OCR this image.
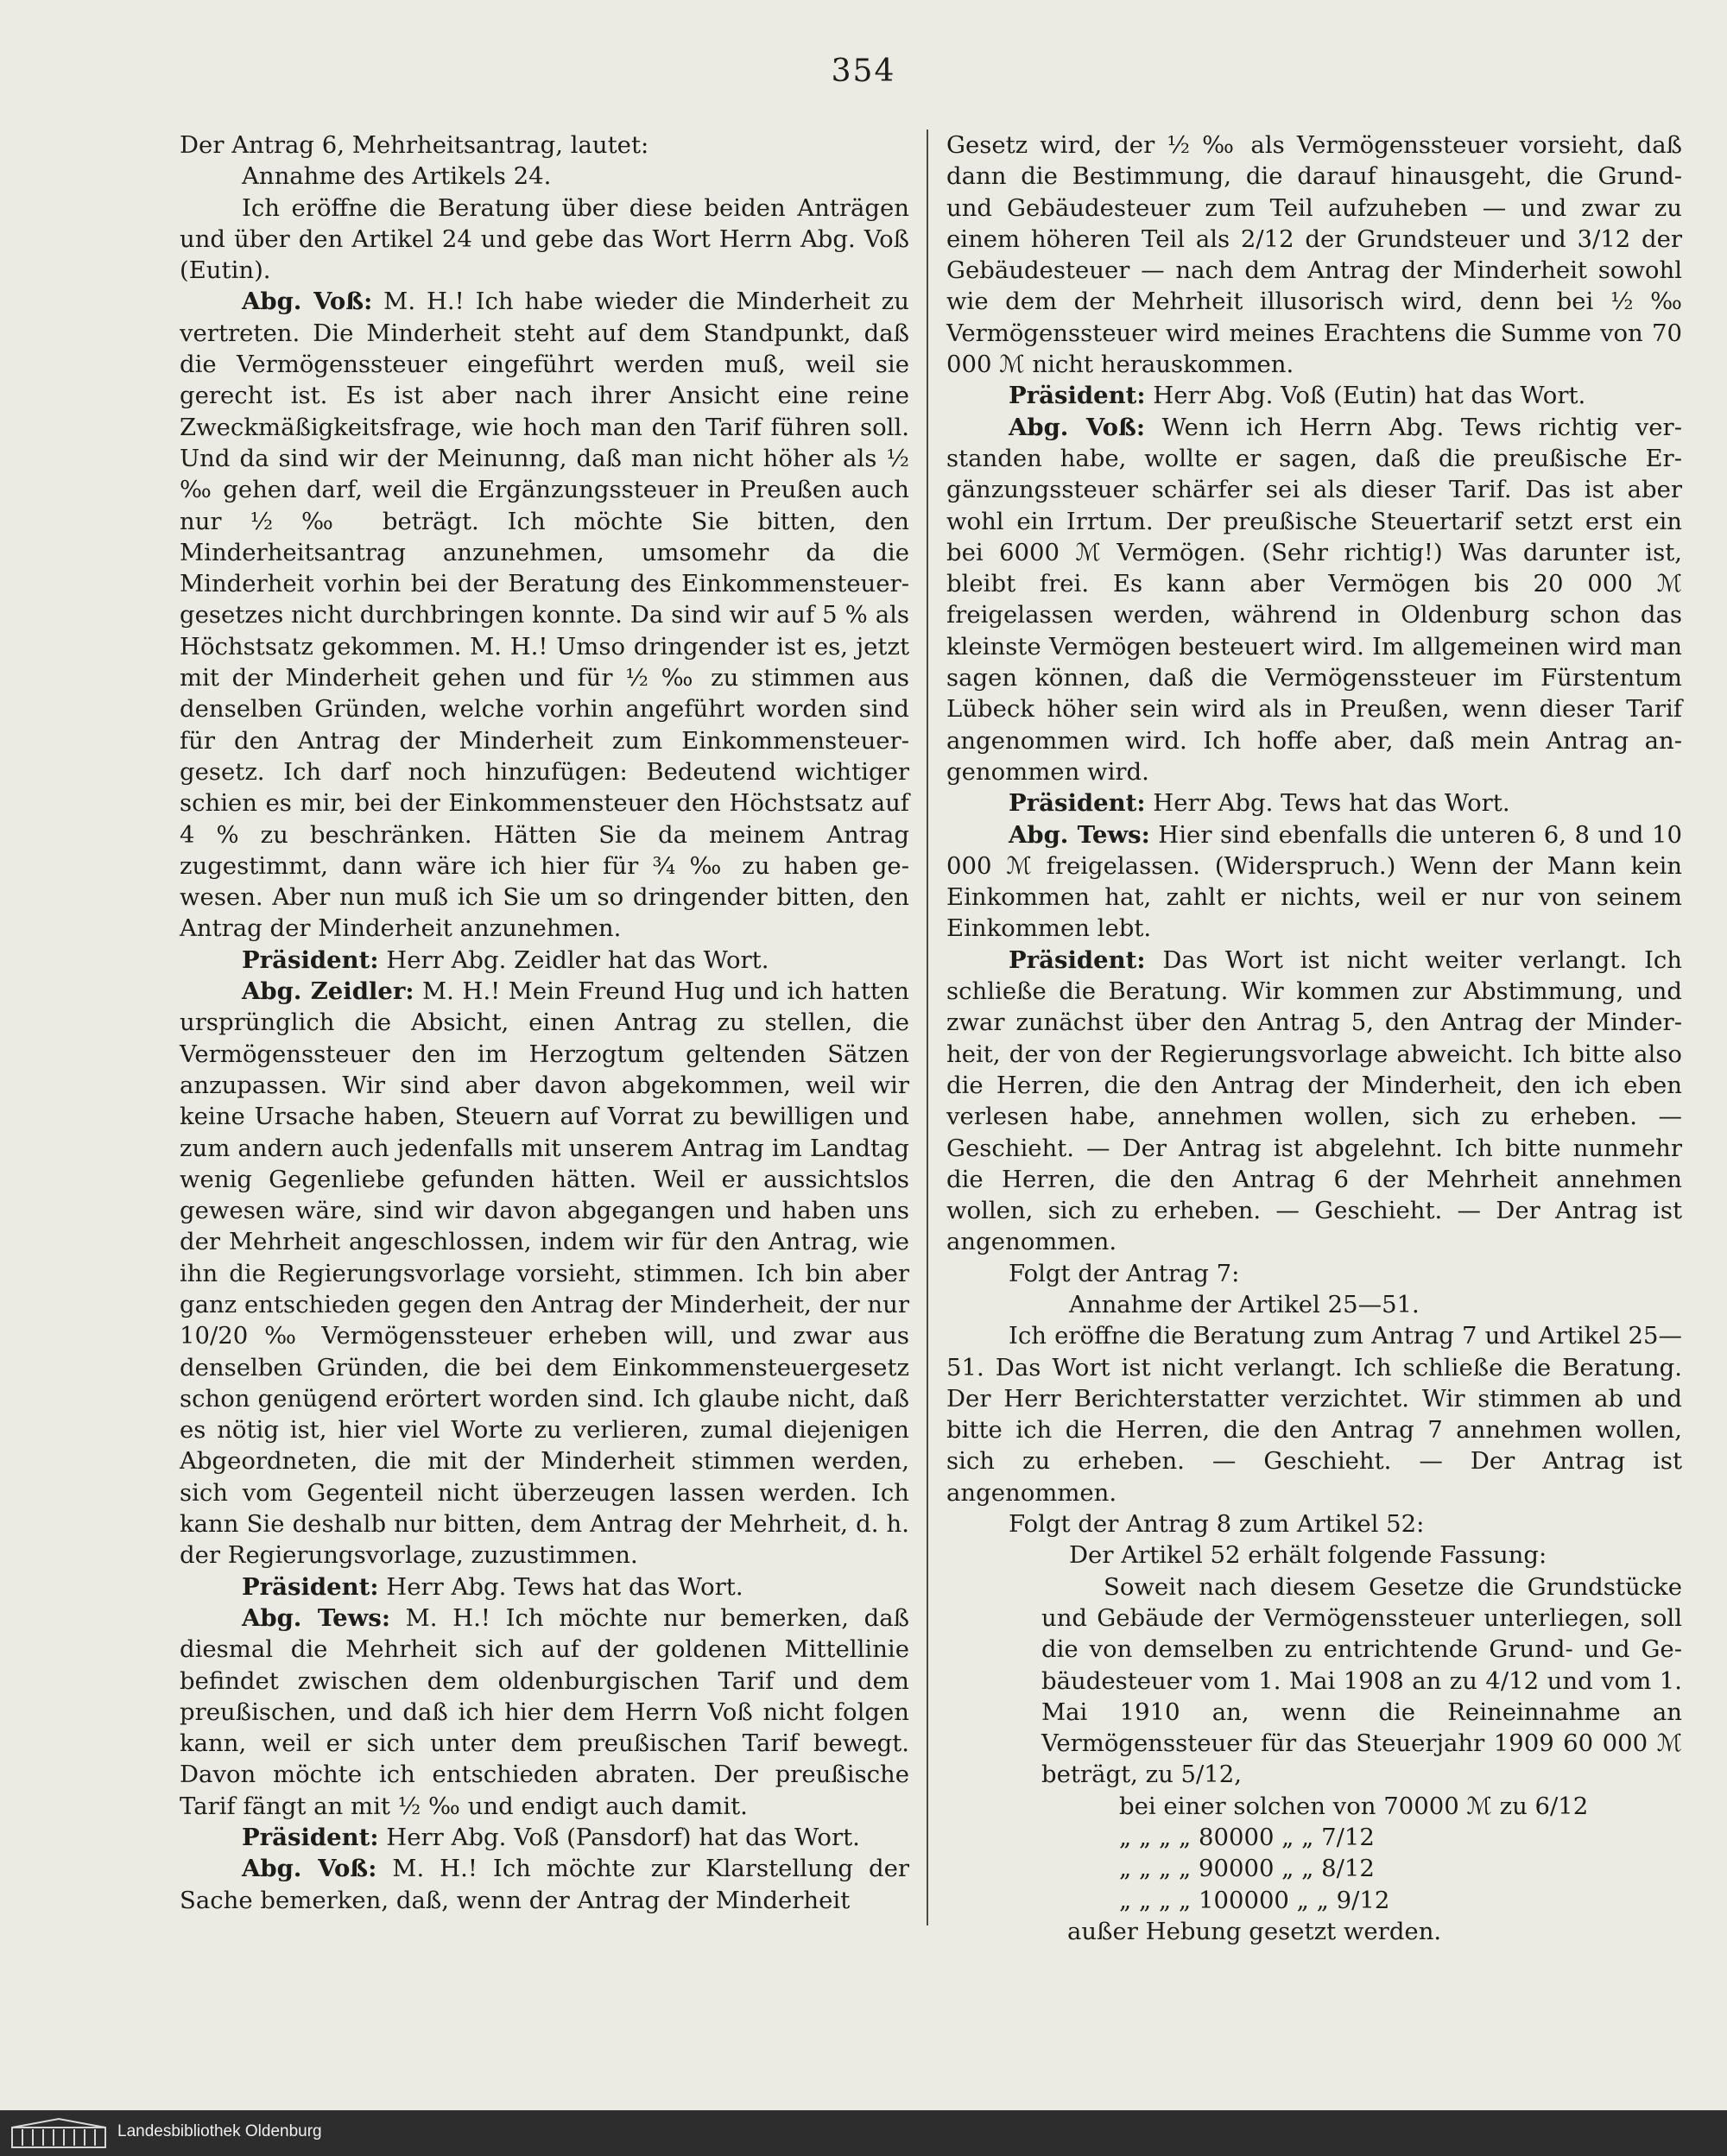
354

Der Antrag 6, Mehrheitsantrag, lautet:

Annahme des Artikels 24.

Ich eröffne die Beratung über diese beiden Anträgen und über den Artikel 24 und gebe das Wort Herrn Abg. Voß (Eutin).

Abg. Voß: M. H.! Ich habe wieder die Minderheit zu vertreten. Die Minderheit steht auf dem Standpunkt, daß die Vermögenssteuer eingeführt werden muß, weil sie gerecht ist. Es ist aber nach ihrer Ansicht eine reine Zweckmäßigkeitsfrage, wie hoch man den Tarif führen soll. Und da sind wir der Meinunng, daß man nicht höher als ½ ‰ gehen darf, weil die Ergänzungssteuer in Preußen auch nur ½ ‰ beträgt. Ich möchte Sie bitten, den Minderheitsantrag anzunehmen, umsomehr da die Minderheit vorhin bei der Beratung des Einkommensteuergesetzes nicht durchbringen konnte. Da sind wir auf 5 % als Höchstsatz gekommen. M. H.! Umso dringender ist es, jetzt mit der Minderheit gehen und für ½ ‰ zu stimmen aus denselben Gründen, welche vorhin angeführt worden sind für den Antrag der Minderheit zum Einkommensteuergesetz. Ich darf noch hinzufügen: Bedeutend wichtiger schien es mir, bei der Einkommensteuer den Höchstsatz auf 4 % zu beschränken. Hätten Sie da meinem Antrag zugestimmt, dann wäre ich hier für ¾ ‰ zu haben gewesen. Aber nun muß ich Sie um so dringender bitten, den Antrag der Minderheit anzunehmen.

Präsident: Herr Abg. Zeidler hat das Wort.

Abg. Zeidler: M. H.! Mein Freund Hug und ich hatten ursprünglich die Absicht, einen Antrag zu stellen, die Vermögenssteuer den im Herzogtum geltenden Sätzen anzupassen. Wir sind aber davon abgekommen, weil wir keine Ursache haben, Steuern auf Vorrat zu bewilligen und zum andern auch jedenfalls mit unserem Antrag im Landtag wenig Gegenliebe gefunden hätten. Weil er aussichtslos gewesen wäre, sind wir davon abgegangen und haben uns der Mehrheit angeschlossen, indem wir für den Antrag, wie ihn die Regierungsvorlage vorsieht, stimmen. Ich bin aber ganz entschieden gegen den Antrag der Minderheit, der nur 10/20 ‰ Vermögenssteuer erheben will, und zwar aus denselben Gründen, die bei dem Einkommensteuergesetz schon genügend erörtert worden sind. Ich glaube nicht, daß es nötig ist, hier viel Worte zu verlieren, zumal diejenigen Abgeordneten, die mit der Minderheit stimmen werden, sich vom Gegenteil nicht überzeugen lassen werden. Ich kann Sie deshalb nur bitten, dem Antrag der Mehrheit, d. h. der Regierungsvorlage, zuzustimmen.

Präsident: Herr Abg. Tews hat das Wort.

Abg. Tews: M. H.! Ich möchte nur bemerken, daß diesmal die Mehrheit sich auf der goldenen Mittellinie befindet zwischen dem oldenburgischen Tarif und dem preußischen, und daß ich hier dem Herrn Voß nicht folgen kann, weil er sich unter dem preußischen Tarif bewegt. Davon möchte ich entschieden abraten. Der preußische Tarif fängt an mit ½ ‰ und endigt auch damit.

Präsident: Herr Abg. Voß (Pansdorf) hat das Wort.

Abg. Voß: M. H.! Ich möchte zur Klarstellung der Sache bemerken, daß, wenn der Antrag der Minderheit

Gesetz wird, der ½ ‰ als Vermögenssteuer vorsieht, daß dann die Bestimmung, die darauf hinausgeht, die Grund- und Gebäudesteuer zum Teil aufzuheben — und zwar zu einem höheren Teil als 2/12 der Grundsteuer und 3/12 der Gebäudesteuer — nach dem Antrag der Minderheit sowohl wie dem der Mehrheit illusorisch wird, denn bei ½ ‰ Vermögenssteuer wird meines Erachtens die Summe von 70 000 ℳ nicht herauskommen.

Präsident: Herr Abg. Voß (Eutin) hat das Wort.

Abg. Voß: Wenn ich Herrn Abg. Tews richtig verstanden habe, wollte er sagen, daß die preußische Ergänzungssteuer schärfer sei als dieser Tarif. Das ist aber wohl ein Irrtum. Der preußische Steuertarif setzt erst ein bei 6000 ℳ Vermögen. (Sehr richtig!) Was darunter ist, bleibt frei. Es kann aber Vermögen bis 20 000 ℳ freigelassen werden, während in Oldenburg schon das kleinste Vermögen besteuert wird. Im allgemeinen wird man sagen können, daß die Vermögenssteuer im Fürstentum Lübeck höher sein wird als in Preußen, wenn dieser Tarif angenommen wird. Ich hoffe aber, daß mein Antrag angenommen wird.

Präsident: Herr Abg. Tews hat das Wort.

Abg. Tews: Hier sind ebenfalls die unteren 6, 8 und 10 000 ℳ freigelassen. (Widerspruch.) Wenn der Mann kein Einkommen hat, zahlt er nichts, weil er nur von seinem Einkommen lebt.

Präsident: Das Wort ist nicht weiter verlangt. Ich schließe die Beratung. Wir kommen zur Abstimmung, und zwar zunächst über den Antrag 5, den Antrag der Minderheit, der von der Regierungsvorlage abweicht. Ich bitte also die Herren, die den Antrag der Minderheit, den ich eben verlesen habe, annehmen wollen, sich zu erheben. — Geschieht. — Der Antrag ist abgelehnt. Ich bitte nunmehr die Herren, die den Antrag 6 der Mehrheit annehmen wollen, sich zu erheben. — Geschieht. — Der Antrag ist angenommen.

Folgt der Antrag 7:

Annahme der Artikel 25—51.

Ich eröffne die Beratung zum Antrag 7 und Artikel 25—51. Das Wort ist nicht verlangt. Ich schließe die Beratung. Der Herr Berichterstatter verzichtet. Wir stimmen ab und bitte ich die Herren, die den Antrag 7 annehmen wollen, sich zu erheben. — Geschieht. — Der Antrag ist angenommen.

Folgt der Antrag 8 zum Artikel 52:

Der Artikel 52 erhält folgende Fassung:

Soweit nach diesem Gesetze die Grundstücke und Gebäude der Vermögenssteuer unterliegen, soll die von demselben zu entrichtende Grund- und Gebäudesteuer vom 1. Mai 1908 an zu 4/12 und vom 1. Mai 1910 an, wenn die Reineinnahme an Vermögenssteuer für das Steuerjahr 1909 60 000 ℳ beträgt, zu 5/12,

bei einer solchen von 70000 ℳ zu 6/12

„ „ „ „ 80000 „ „ 7/12

„ „ „ „ 90000 „ „ 8/12

„ „ „ „ 100000 „ „ 9/12

außer Hebung gesetzt werden.

Landesbibliothek Oldenburg
